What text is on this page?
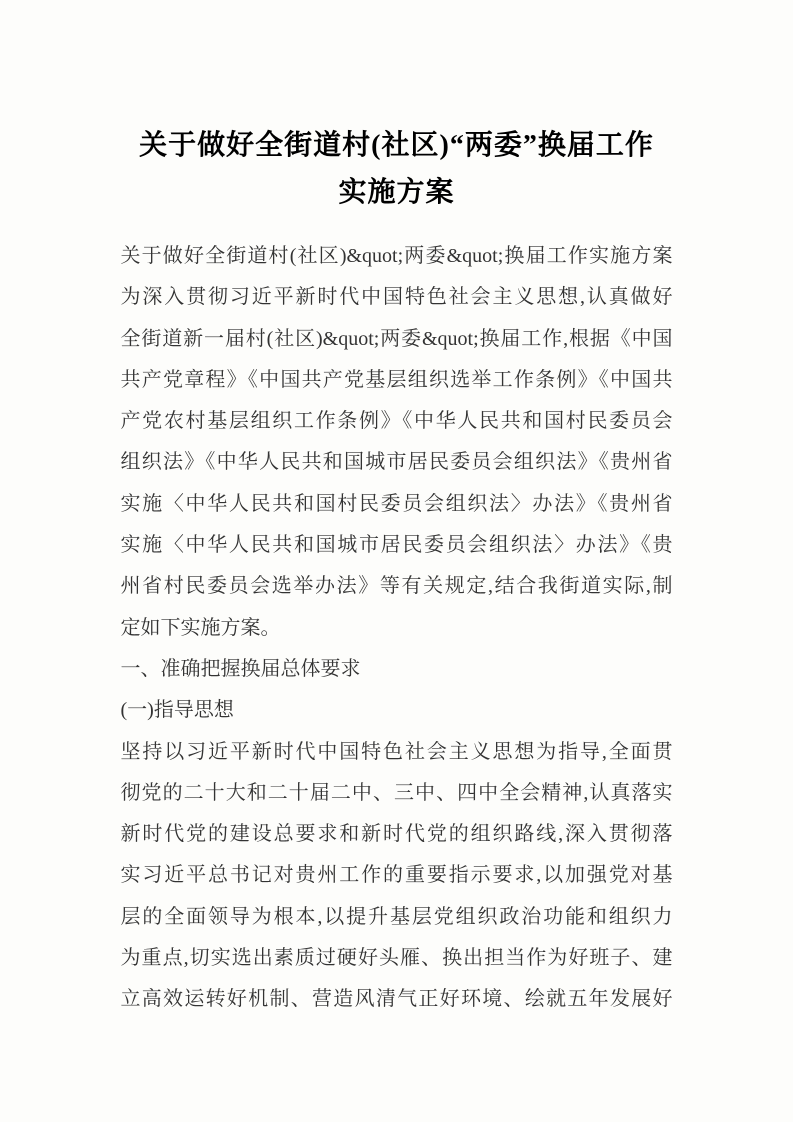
关于做好全街道村(社区)“两委”换届工作
实施方案
关于做好全街道村(社区)&quot;两委&quot;换届工作实施方案
为深入贯彻习近平新时代中国特色社会主义思想,认真做好
全街道新一届村(社区)&quot;两委&quot;换届工作,根据《中国
共产党章程》《中国共产党基层组织选举工作条例》《中国共
产党农村基层组织工作条例》《中华人民共和国村民委员会
组织法》《中华人民共和国城市居民委员会组织法》《贵州省
实施〈中华人民共和国村民委员会组织法〉办法》《贵州省
实施〈中华人民共和国城市居民委员会组织法〉办法》《贵
州省村民委员会选举办法》等有关规定,结合我街道实际,制
定如下实施方案。
一、准确把握换届总体要求
(一)指导思想
坚持以习近平新时代中国特色社会主义思想为指导,全面贯
彻党的二十大和二十届二中、三中、四中全会精神,认真落实
新时代党的建设总要求和新时代党的组织路线,深入贯彻落
实习近平总书记对贵州工作的重要指示要求,以加强党对基
层的全面领导为根本,以提升基层党组织政治功能和组织力
为重点,切实选出素质过硬好头雁、换出担当作为好班子、建
立高效运转好机制、营造风清气正好环境、绘就五年发展好
